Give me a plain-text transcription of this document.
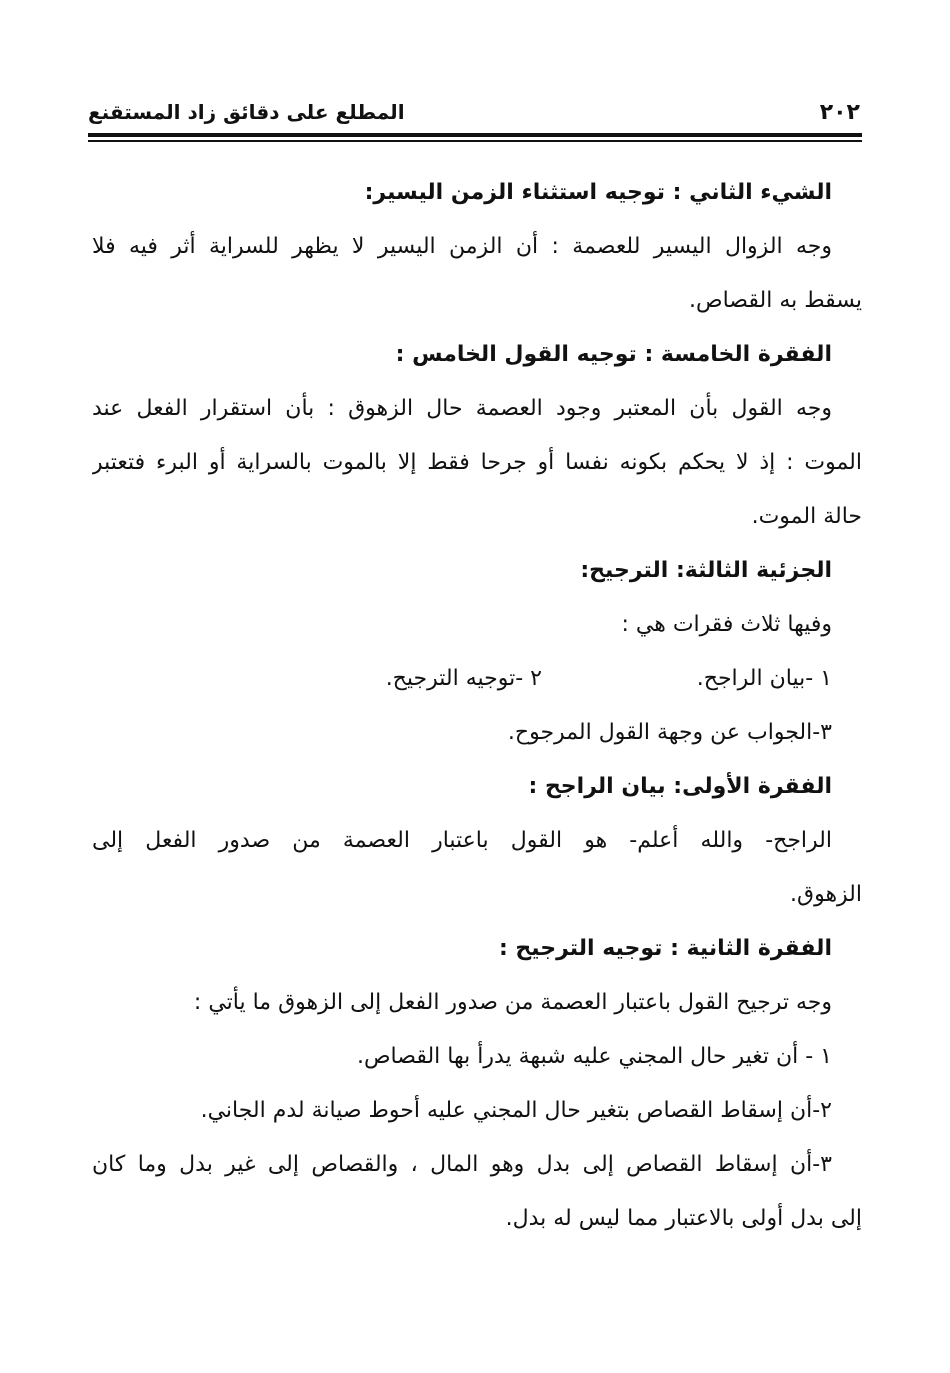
٢٠٢
المطلع على دقائق زاد المستقنع
الشيء الثاني : توجيه استثناء الزمن اليسير:
وجه الزوال اليسير للعصمة : أن الزمن اليسير لا يظهر للسراية أثر فيه فلا
يسقط به القصاص.
الفقرة الخامسة : توجيه القول الخامس :
وجه القول بأن المعتبر وجود العصمة حال الزهوق : بأن استقرار الفعل عند
الموت : إذ لا يحكم بكونه نفسا أو جرحا فقط إلا بالموت بالسراية أو البرء فتعتبر
حالة الموت.
الجزئية الثالثة: الترجيح:
وفيها ثلاث فقرات هي :
١ -بيان الراجح.
٢ -توجيه الترجيح.
٣-الجواب عن وجهة القول المرجوح.
الفقرة الأولى: بيان الراجح :
الراجح- والله أعلم- هو القول باعتبار العصمة من صدور الفعل إلى
الزهوق.
الفقرة الثانية : توجيه الترجيح :
وجه ترجيح القول باعتبار العصمة من صدور الفعل إلى الزهوق ما يأتي :
١ - أن تغير حال المجني عليه شبهة يدرأ بها القصاص.
٢-أن إسقاط القصاص بتغير حال المجني عليه أحوط صيانة لدم الجاني.
٣-أن إسقاط القصاص إلى بدل وهو المال ، والقصاص إلى غير بدل وما كان
إلى بدل أولى بالاعتبار مما ليس له بدل.
